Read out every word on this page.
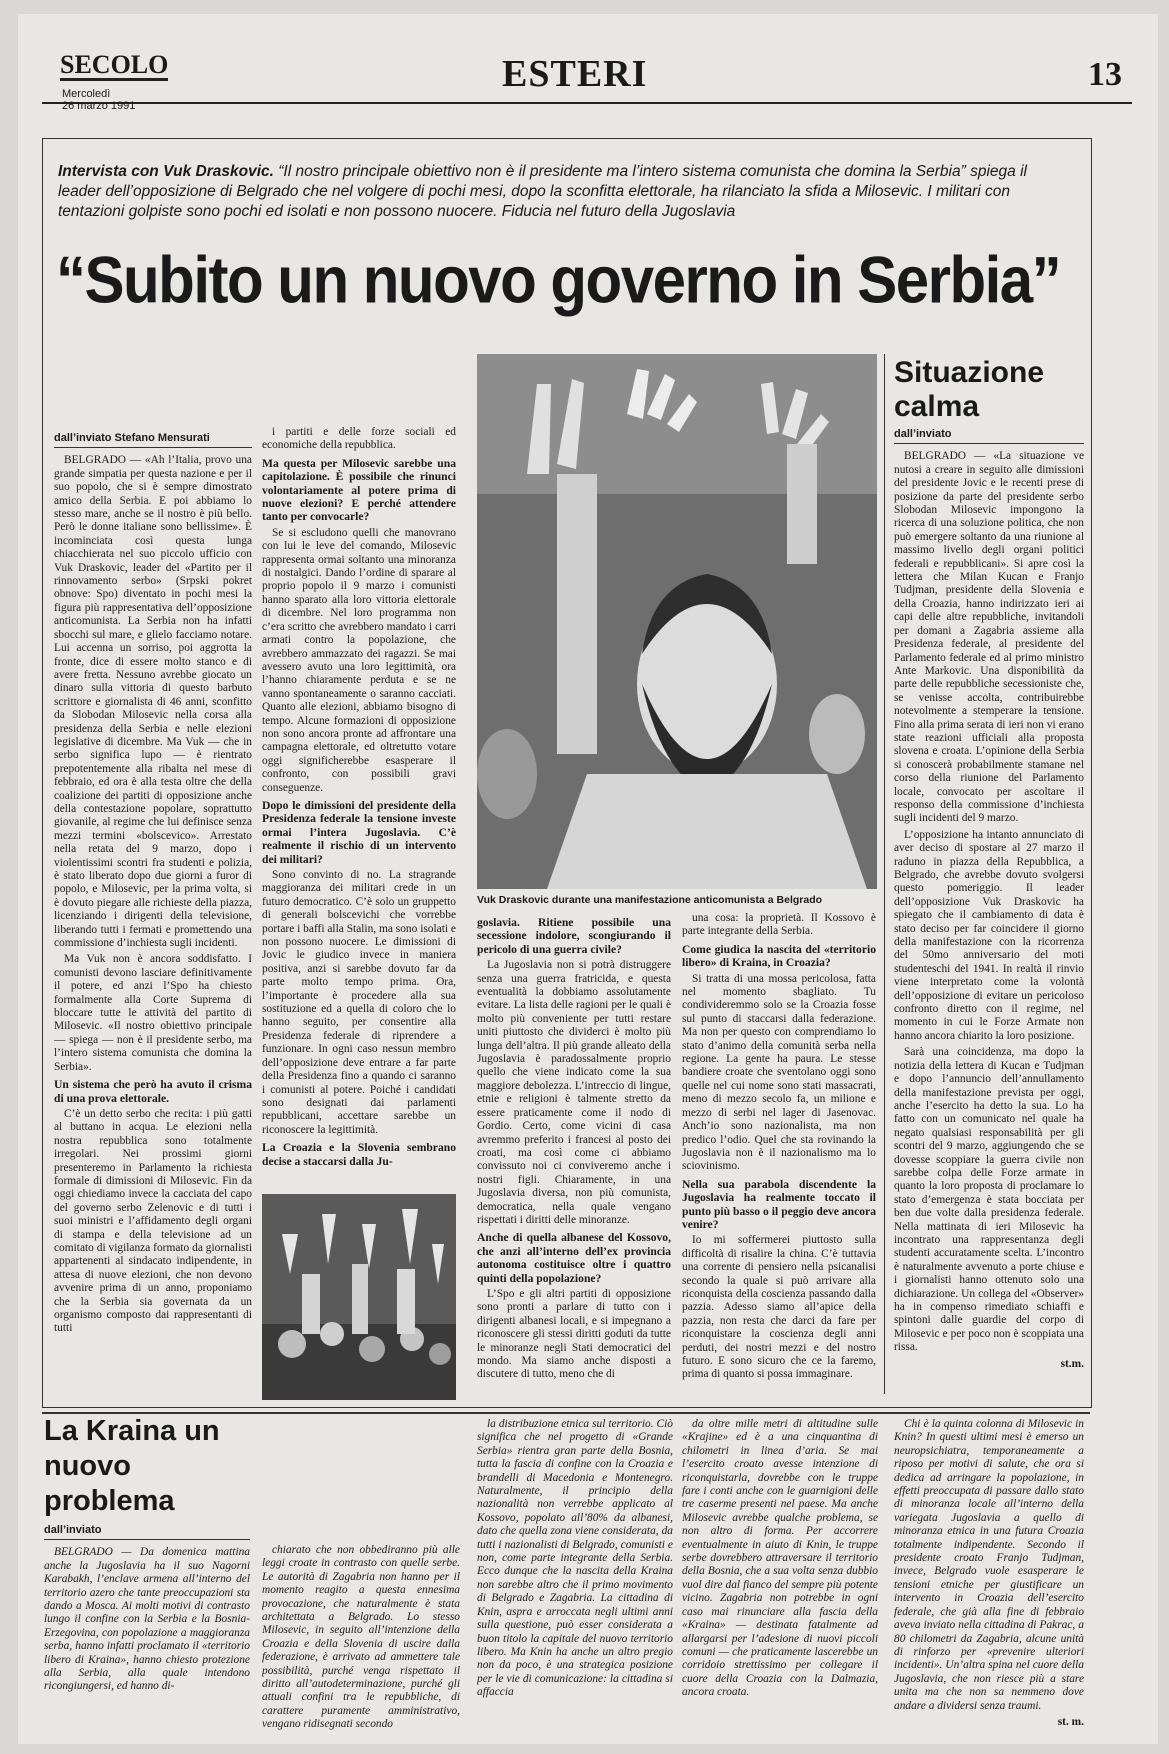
SECOLO
Mercoledì
26 marzo 1991
ESTERI	13
Intervista con Vuk Draskovic. “Il nostro principale obiettivo non è il presidente ma l’intero sistema comunista che domina la Serbia” spiega il leader dell’opposizione di Belgrado che nel volgere di pochi mesi, dopo la sconfitta elettorale, ha rilanciato la sfida a Milosevic. I militari con tentazioni golpiste sono pochi ed isolati e non possono nuocere. Fiducia nel futuro della Jugoslavia
“Subito un nuovo governo in Serbia”
dall’inviato Stefano Mensurati

BELGRADO — «Ah l’Italia, provo una grande simpatia per questa nazione e per il suo popolo, che si è sempre dimostrato amico della Serbia. E poi abbiamo lo stesso mare, anche se il nostro è più bello. Però le donne italiane sono bellissime». È incominciata così questa lunga chiacchierata nel suo piccolo ufficio con Vuk Draskovic, leader del «Partito per il rinnovamento serbo» (Srpski pokret obnove: Spo) diventato in pochi mesi la figura più rappresentativa dell’opposizione anticomunista. La Serbia non ha infatti sbocchi sul mare, e glielo facciamo notare. Lui accenna un sorriso, poi aggrotta la fronte, dice di essere molto stanco e di avere fretta. Nessuno avrebbe giocato un dinaro sulla vittoria di questo barbuto scrittore e giornalista di 46 anni, sconfitto da Slobodan Milosevic nella corsa alla presidenza della Serbia e nelle elezioni legislative di dicembre. Ma Vuk — che in serbo significa lupo — è rientrato prepotentemente alla ribalta nel mese di febbraio, ed ora è alla testa oltre che della coalizione dei partiti di opposizione anche della contestazione popolare, soprattutto giovanile, al regime che lui definisce senza mezzi termini «bolscevico». Arrestato nella retata del 9 marzo, dopo i violentissimi scontri fra studenti e polizia, è stato liberato dopo due giorni a furor di popolo, e Milosevic, per la prima volta, si è dovuto piegare alle richieste della piazza, licenziando i dirigenti della televisione, liberando tutti i fermati e promettendo una commissione d’inchiesta sugli incidenti.

Ma Vuk non è ancora soddisfatto. I comunisti devono lasciare definitivamente il potere, ed anzi l’Spo ha chiesto formalmente alla Corte Suprema di bloccare tutte le attività del partito di Milosevic. «Il nostro obiettivo principale — spiega — non è il presidente serbo, ma l’intero sistema comunista che domina la Serbia».

Un sistema che però ha avuto il crisma di una prova elettorale.

C’è un detto serbo che recita: i più gatti al buttano in acqua. Le elezioni nella nostra repubblica sono totalmente irregolari. Nei prossimi giorni presenteremo in Parlamento la richiesta formale di dimissioni di Milosevic. Fin da oggi chiediamo invece la cacciata del capo del governo serbo Zelenovic e di tutti i suoi ministri e l’affidamento degli organi di stampa e della televisione ad un comitato di vigilanza formato da giornalisti appartenenti al sindacato indipendente, in attesa di nuove elezioni, che non devono avvenire prima di un anno, proponiamo che la Serbia sia governata da un organismo composto dai rappresentanti di tutti

i partiti e delle forze sociali ed economiche della repubblica.

Ma questa per Milosevic sarebbe una capitolazione. È possibile che rinunci volontariamente al potere prima di nuove elezioni? E perché attendere tanto per convocarle?

Se si escludono quelli che manovrano con lui le leve del comando, Milosevic rappresenta ormai soltanto una minoranza di nostalgici. Dando l’ordine di sparare al proprio popolo il 9 marzo i comunisti hanno sparato alla loro vittoria elettorale di dicembre. Nel loro programma non c’era scritto che avrebbero mandato i carri armati contro la popolazione, che avrebbero ammazzato dei ragazzi. Se mai avessero avuto una loro legittimità, ora l’hanno chiaramente perduta e se ne vanno spontaneamente o saranno cacciati. Quanto alle elezioni, abbiamo bisogno di tempo. Alcune formazioni di opposizione non sono ancora pronte ad affrontare una campagna elettorale, ed oltretutto votare oggi significherebbe esasperare il confronto, con possibili gravi conseguenze.

Dopo le dimissioni del presidente della Presidenza federale la tensione investe ormai l’intera Jugoslavia. C’è realmente il rischio di un intervento dei militari?

Sono convinto di no. La stragrande maggioranza dei militari crede in un futuro democratico. C’è solo un gruppetto di generali bolscevichi che vorrebbe portare i baffi alla Stalin, ma sono isolati e non possono nuocere. Le dimissioni di Jovic le giudico invece in maniera positiva, anzi si sarebbe dovuto far da parte molto tempo prima. Ora, l’importante è procedere alla sua sostituzione ed a quella di coloro che lo hanno seguito, per consentire alla Presidenza federale di riprendere a funzionare. In ogni caso nessun membro dell’opposizione deve entrare a far parte della Presidenza fino a quando ci saranno i comunisti al potere. Poiché i candidati sono designati dai parlamenti repubblicani, accettare sarebbe un riconoscere la legittimità.

La Croazia e la Slovenia sembrano decise a staccarsi dalla Ju-
Vuk Draskovic durante una manifestazione anticomunista a Belgrado
goslavia. Ritiene possibile una secessione indolore, scongiurando il pericolo di una guerra civile?

La Jugoslavia non si potrà distruggere senza una guerra fratricida, e questa eventualità la dobbiamo assolutamente evitare. La lista delle ragioni per le quali è molto più conveniente per tutti restare uniti piuttosto che dividerci è molto più lunga dell’altra. Il più grande alleato della Jugoslavia è paradossalmente proprio quello che viene indicato come la sua maggiore debolezza. L’intreccio di lingue, etnie e religioni è talmente stretto da essere praticamente come il nodo di Gordio. Certo, come vicini di casa avremmo preferito i francesi al posto dei croati, ma così come ci abbiamo convissuto noi ci conviveremo anche i nostri figli. Chiaramente, in una Jugoslavia diversa, non più comunista, democratica, nella quale vengano rispettati i diritti delle minoranze.

Anche di quella albanese del Kossovo, che anzi all’interno dell’ex provincia autonoma costituisce oltre i quattro quinti della popolazione?

L’Spo e gli altri partiti di opposizione sono pronti a parlare di tutto con i dirigenti albanesi locali, e si impegnano a riconoscere gli stessi diritti goduti da tutte le minoranze negli Stati democratici del mondo. Ma siamo anche disposti a discutere di tutto, meno che di

una cosa: la proprietà. Il Kossovo è parte integrante della Serbia.

Come giudica la nascita del «territorio libero» di Kraina, in Croazia?

Si tratta di una mossa pericolosa, fatta nel momento sbagliato. Tu condivideremmo solo se la Croazia fosse sul punto di staccarsi dalla federazione. Ma non per questo con comprendiamo lo stato d’animo della comunità serba nella regione. La gente ha paura. Le stesse bandiere croate che sventolano oggi sono quelle nel cui nome sono stati massacrati, meno di mezzo secolo fa, un milione e mezzo di serbi nel lager di Jasenovac. Anch’io sono nazionalista, ma non predico l’odio. Quel che sta rovinando la Jugoslavia non è il nazionalismo ma lo sciovinismo.

Nella sua parabola discendente la Jugoslavia ha realmente toccato il punto più basso o il peggio deve ancora venire?

Io mi soffermerei piuttosto sulla difficoltà di risalire la china. C’è tuttavia una corrente di pensiero nella psicanalisi secondo la quale si può arrivare alla riconquista della coscienza passando dalla pazzia. Adesso siamo all’apice della pazzia, non resta che darci da fare per riconquistare la coscienza degli anni perduti, dei nostri mezzi e del nostro futuro. E sono sicuro che ce la faremo, prima di quanto si possa immaginare.

Situazione calma
dall’inviato

BELGRADO — «La situazione ve nutosi a creare in seguito alle dimissioni del presidente Jovic e le recenti prese di posizione da parte del presidente serbo Slobodan Milosevic impongono la ricerca di una soluzione politica, che non può emergere soltanto da una riunione al massimo livello degli organi politici federali e repubblicani». Si apre così la lettera che Milan Kucan e Franjo Tudjman, presidente della Slovenia e della Croazia, hanno indirizzato ieri ai capi delle altre repubbliche, invitandoli per domani a Zagabria assieme alla Presidenza federale, al presidente del Parlamento federale ed al primo ministro Ante Markovic. Una disponibilità da parte delle repubbliche secessioniste che, se venisse accolta, contribuirebbe notevolmente a stemperare la tensione. Fino alla prima serata di ieri non vi erano state reazioni ufficiali alla proposta slovena e croata. L’opinione della Serbia si conoscerà probabilmente stamane nel corso della riunione del Parlamento locale, convocato per ascoltare il responso della commissione d’inchiesta sugli incidenti del 9 marzo.

L’opposizione ha intanto annunciato di aver deciso di spostare al 27 marzo il raduno in piazza della Repubblica, a Belgrado, che avrebbe dovuto svolgersi questo pomeriggio. Il leader dell’opposizione Vuk Draskovic ha spiegato che il cambiamento di data è stato deciso per far coincidere il giorno della manifestazione con la ricorrenza del 50mo anniversario del moti studenteschi del 1941. In realtà il rinvio viene interpretato come la volontà dell’opposizione di evitare un pericoloso confronto diretto con il regime, nel momento in cui le Forze Armate non hanno ancora chiarito la loro posizione.

Sarà una coincidenza, ma dopo la notizia della lettera di Kucan e Tudjman e dopo l’annuncio dell’annullamento della manifestazione prevista per oggi, anche l’esercito ha detto la sua. Lo ha fatto con un comunicato nel quale ha negato qualsiasi responsabilità per gli scontri del 9 marzo, aggiungendo che se dovesse scoppiare la guerra civile non sarebbe colpa delle Forze armate in quanto la loro proposta di proclamare lo stato d’emergenza è stata bocciata per ben due volte dalla presidenza federale. Nella mattinata di ieri Milosevic ha incontrato una rappresentanza degli studenti accuratamente scelta. L’incontro è naturalmente avvenuto a porte chiuse e i giornalisti hanno ottenuto solo una dichiarazione. Un collega del «Observer» ha in compenso rimediato schiaffi e spintoni dalle guardie del corpo di Milosevic e per poco non è scoppiata una rissa.

st.m.
La Kraina un nuovo problema
dall’inviato

BELGRADO — Da domenica mattina anche la Jugoslavia ha il suo Nagorni Karabakh, l’enclave armena all’interno del territorio azero che tante preoccupazioni sta dando a Mosca. Ai molti motivi di contrasto lungo il confine con la Serbia e la Bosnia-Erzegovina, con popolazione a maggioranza serba, hanno infatti proclamato il «territorio libero di Kraina», hanno chiesto protezione alla Serbia, alla quale intendono ricongiungersi, ed hanno di-

chiarato che non obbediranno più alle leggi croate in contrasto con quelle serbe. Le autorità di Zagabria non hanno per il momento reagito a questa ennesima provocazione, che naturalmente è stata architettata a Belgrado. Lo stesso Milosevic, in seguito all’intenzione della Croazia e della Slovenia di uscire dalla federazione, è arrivato ad ammettere tale possibilità, purché venga rispettato il diritto all’autodeterminazione, purché gli attuali confini tra le repubbliche, di carattere puramente amministrativo, vengano ridisegnati secondo

la distribuzione etnica sul territorio. Ciò significa che nel progetto di «Grande Serbia» rientra gran parte della Bosnia, tutta la fascia di confine con la Croazia e brandelli di Macedonia e Montenegro. Naturalmente, il principio della nazionalità non verrebbe applicato al Kossovo, popolato all’80% da albanesi, dato che quella zona viene considerata, da tutti i nazionalisti di Belgrado, comunisti e non, come parte integrante della Serbia. Ecco dunque che la nascita della Kraina non sarebbe altro che il primo movimento di Belgrado e Zagabria. La cittadina di Knin, aspra e arroccata negli ultimi anni sulla questione, può esser considerata a buon titolo la capitale del nuovo territorio libero. Ma Knin ha anche un altro pregio non da poco, è una strategica posizione per le vie di comunicazione: la cittadina si affaccia

da oltre mille metri di altitudine sulle «Krajine» ed è a una cinquantina di chilometri in linea d’aria. Se mai l’esercito croato avesse intenzione di riconquistarla, dovrebbe con le truppe fare i conti anche con le guarnigioni delle tre caserme presenti nel paese. Ma anche Milosevic avrebbe qualche problema, se non altro di forma. Per accorrere eventualmente in aiuto di Knin, le truppe serbe dovrebbero attraversare il territorio della Bosnia, che a sua volta senza dubbio vuol dire dal fianco del sempre più potente vicino. Zagabria non potrebbe in ogni caso mai rinunciare alla fascia della «Kraina» — destinata fatalmente ad allargarsi per l’adesione di nuovi piccoli comuni — che praticamente lascerebbe un corridoio strettissimo per collegare il cuore della Croazia con la Dalmazia, ancora croata.

Chi è la quinta colonna di Milosevic in Knin? In questi ultimi mesi è emerso un neuropsichiatra, temporaneamente a riposo per motivi di salute, che ora si dedica ad arringare la popolazione, in effetti preoccupata di passare dallo stato di minoranza locale all’interno della variegata Jugoslavia a quello di minoranza etnica in una futura Croazia totalmente indipendente. Secondo il presidente croato Franjo Tudjman, invece, Belgrado vuole esasperare le tensioni etniche per giustificare un intervento in Croazia dell’esercito federale, che già alla fine di febbraio aveva inviato nella cittadina di Pakrac, a 80 chilometri da Zagabria, alcune unità di rinforzo per «prevenire ulteriori incidenti». Un’altra spina nel cuore della Jugoslavia, che non riesce più a stare unita ma che non sa nemmeno dove andare a dividersi senza traumi.

st. m.
